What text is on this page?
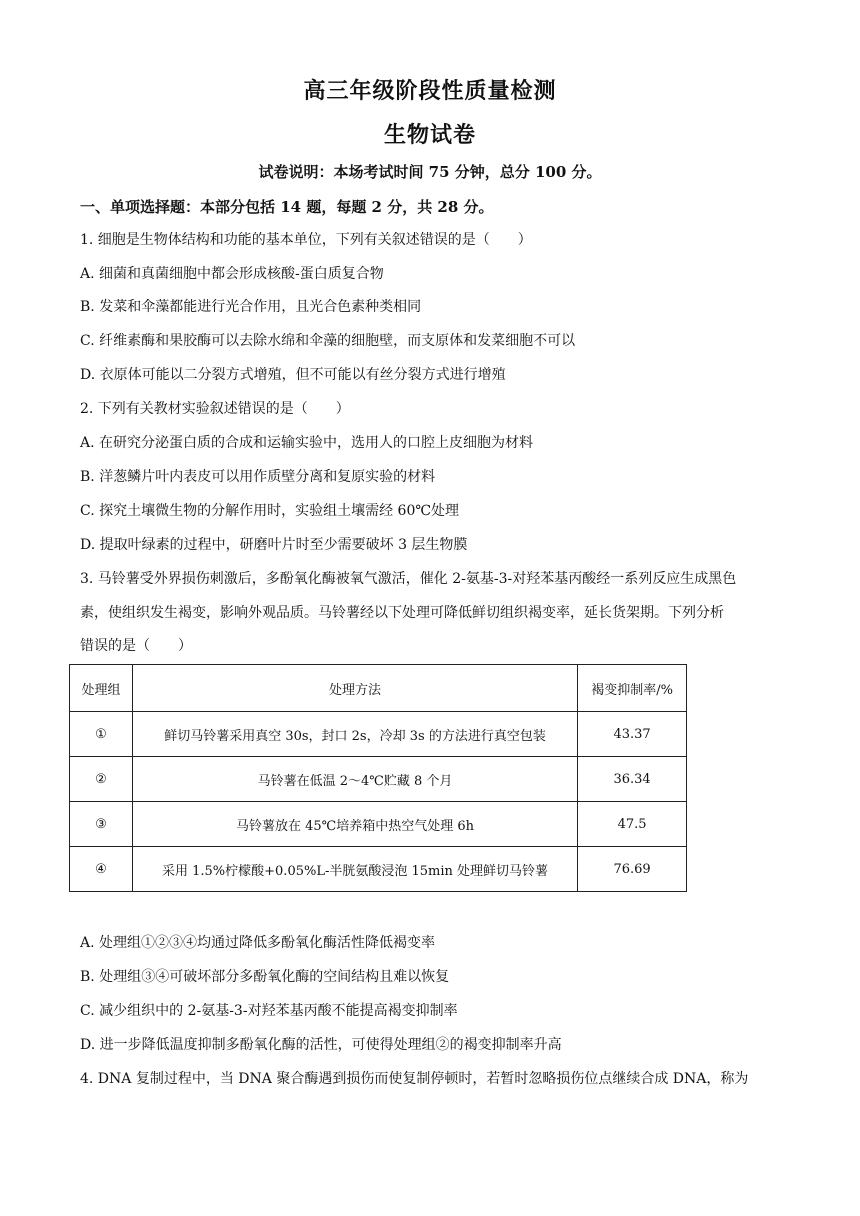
高三年级阶段性质量检测
生物试卷
试卷说明：本场考试时间 75 分钟，总分 100 分。
一、单项选择题：本部分包括 14 题，每题 2 分，共 28 分。
1. 细胞是生物体结构和功能的基本单位，下列有关叙述错误的是（　　）
A. 细菌和真菌细胞中都会形成核酸-蛋白质复合物
B. 发菜和伞藻都能进行光合作用，且光合色素种类相同
C. 纤维素酶和果胶酶可以去除水绵和伞藻的细胞壁，而支原体和发菜细胞不可以
D. 衣原体可能以二分裂方式增殖，但不可能以有丝分裂方式进行增殖
2. 下列有关教材实验叙述错误的是（　　）
A. 在研究分泌蛋白质的合成和运输实验中，选用人的口腔上皮细胞为材料
B. 洋葱鳞片叶内表皮可以用作质壁分离和复原实验的材料
C. 探究土壤微生物的分解作用时，实验组土壤需经 60℃处理
D. 提取叶绿素的过程中，研磨叶片时至少需要破坏 3 层生物膜
3. 马铃薯受外界损伤刺激后，多酚氧化酶被氧气激活，催化 2-氨基-3-对羟苯基丙酸经一系列反应生成黑色
素，使组织发生褐变，影响外观品质。马铃薯经以下处理可降低鲜切组织褐变率，延长货架期。下列分析
错误的是（　　）
处理组	处理方法	褐变抑制率/%
①	鲜切马铃薯采用真空 30s，封口 2s，冷却 3s 的方法进行真空包装	43.37
②	马铃薯在低温 2～4℃贮藏 8 个月	36.34
③	马铃薯放在 45℃培养箱中热空气处理 6h	47.5
④	采用 1.5%柠檬酸+0.05%L-半胱氨酸浸泡 15min 处理鲜切马铃薯	76.69
A. 处理组①②③④均通过降低多酚氧化酶活性降低褐变率
B. 处理组③④可破坏部分多酚氧化酶的空间结构且难以恢复
C. 减少组织中的 2-氨基-3-对羟苯基丙酸不能提高褐变抑制率
D. 进一步降低温度抑制多酚氧化酶的活性，可使得处理组②的褐变抑制率升高
4. DNA 复制过程中，当 DNA 聚合酶遇到损伤而使复制停顿时，若暂时忽略损伤位点继续合成 DNA，称为
